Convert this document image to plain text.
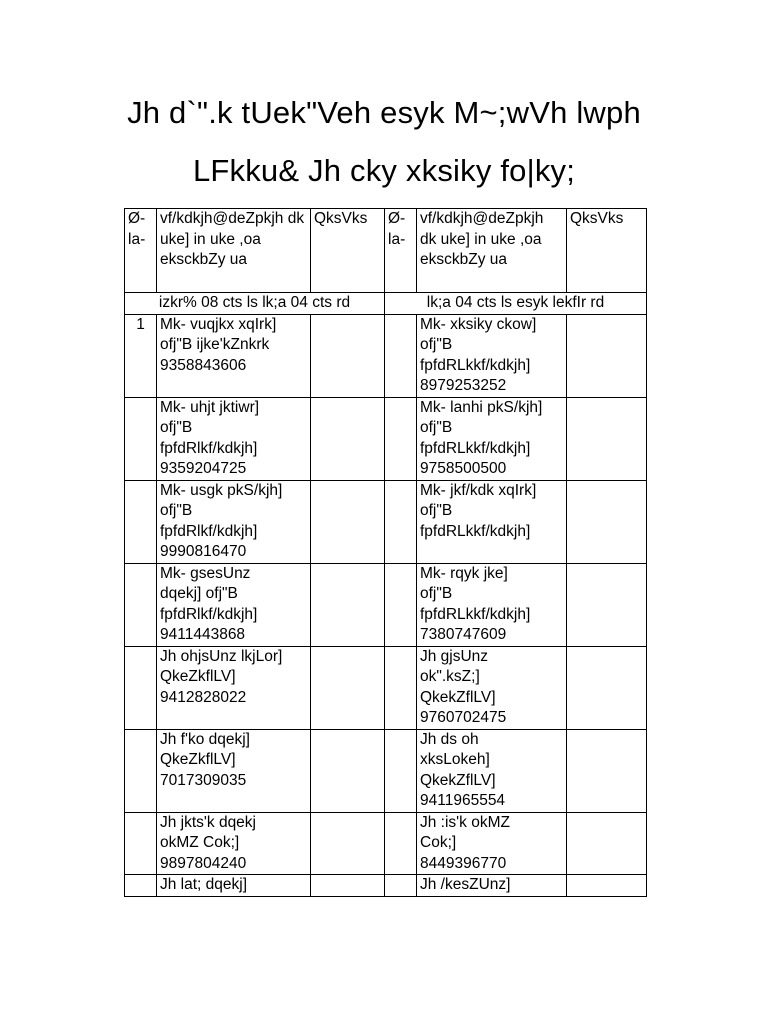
Jh d`".k tUek"Veh esyk M~;wVh lwph
LFkku& Jh cky xksiky fo|ky;
Ø- la-	vf/kdkjh@deZpkjh dk uke] in uke ,oa eksckbZy ua	QksVks	Ø- la-	vf/kdkjh@deZpkjh dk uke] in uke ,oa eksckbZy ua	QksVks
izkr% 08 cts ls lk;a 04 cts rd			lk;a 04 cts ls esyk lekfIr rd		
1	Mk- vuqjkx xqIrk]
ofj"B ijke'kZnkrk
9358843606			Mk- xksiky ckow]
ofj"B
fpfdRLkkf/kdkjh]
8979253252	

	Mk- uhjt jktiwr]
ofj"B
fpfdRlkf/kdkjh]
9359204725			Mk- lanhi pkS/kjh]
ofj"B
fpfdRLkkf/kdkjh]
9758500500	

	Mk- usgk pkS/kjh]
ofj"B
fpfdRlkf/kdkjh]
9990816470			Mk- jkf/kdk xqIrk]
ofj"B
fpfdRLkkf/kdkjh]	

	Mk- gsesUnz
dqekj] ofj"B
fpfdRlkf/kdkjh]
9411443868			Mk- rqyk jke]
ofj"B
fpfdRLkkf/kdkjh]
7380747609	

	Jh ohjsUnz lkjLor]
QkeZkflLV]
9412828022			Jh gjsUnz
ok".ksZ;]
QkekZflLV]
9760702475	

	Jh f'ko dqekj]
QkeZkflLV]
7017309035			Jh ds oh
xksLokeh]
QkekZflLV]
9411965554	

	Jh jkts'k dqekj
okMZ Cok;]
9897804240			Jh :is'k okMZ
Cok;]
8449396770	

	Jh lat; dqekj]			Jh /kesZUnz]	
